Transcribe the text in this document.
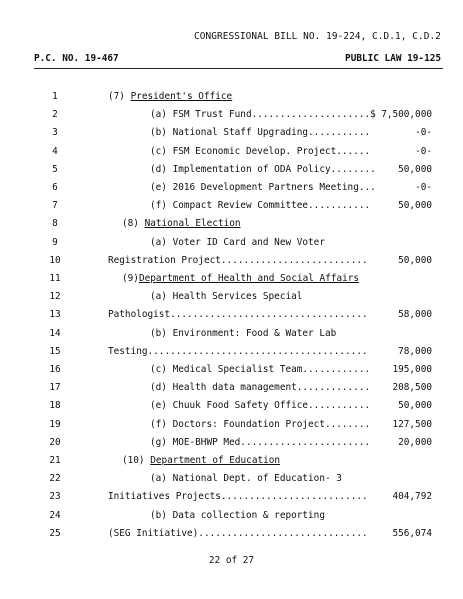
CONGRESSIONAL BILL NO. 19-224, C.D.1, C.D.2
P.C. NO. 19-467	PUBLIC LAW 19-125
1	(7) President's Office
2	(a) FSM Trust Fund.....................$ 7,500,000
3	(b) National Staff Upgrading...........	-0-
4	(c) FSM Economic Develop. Project......	-0-
5	(d) Implementation of ODA Policy........ 50,000
6	(e) 2016 Development Partners Meeting...	-0-
7	(f) Compact Review Committee...........	50,000
8	(8) National Election
9	(a) Voter ID Card and New Voter
10	Registration Project..........................	50,000
11	(9)Department of Health and Social Affairs
12	(a) Health Services Special
13	Pathologist...................................	58,000
14	(b) Environment: Food & Water Lab
15	Testing.......................................	78,000
16	(c) Medical Specialist Team............ 195,000
17	(d) Health data management............. 208,500
18	(e) Chuuk Food Safety Office...........	50,000
19	(f) Doctors: Foundation Project........ 127,500
20	(g) MOE-BHWP Med.......................	20,000
21	(10) Department of Education
22	(a) National Dept. of Education- 3
23	Initiatives Projects..........................	404,792
24	(b) Data collection & reporting
25	(SEG Initiative)..............................	556,074
22 of 27
